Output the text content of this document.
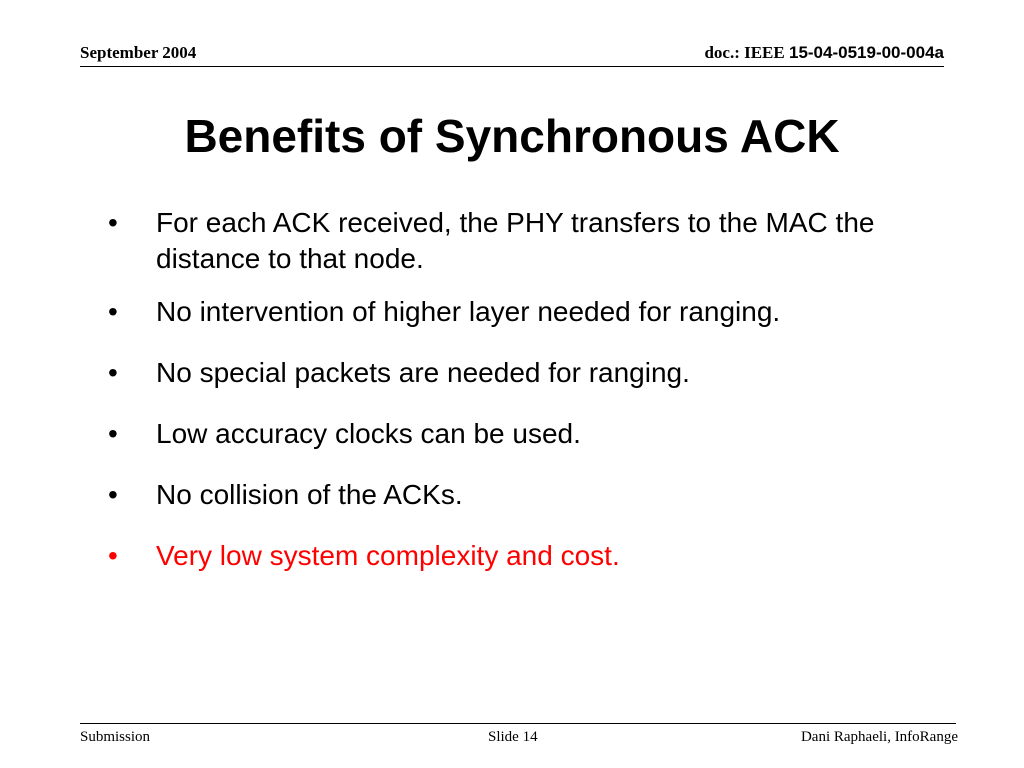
September 2004	doc.: IEEE 15-04-0519-00-004a
Benefits of Synchronous ACK
• For each ACK received, the PHY transfers to the MAC the distance to that node.
• No intervention of higher layer needed for ranging.
• No special packets are needed for ranging.
• Low accuracy clocks can be used.
• No collision of the ACKs.
• Very low system complexity and cost.
Submission	Slide 14	Dani Raphaeli, InfoRange
